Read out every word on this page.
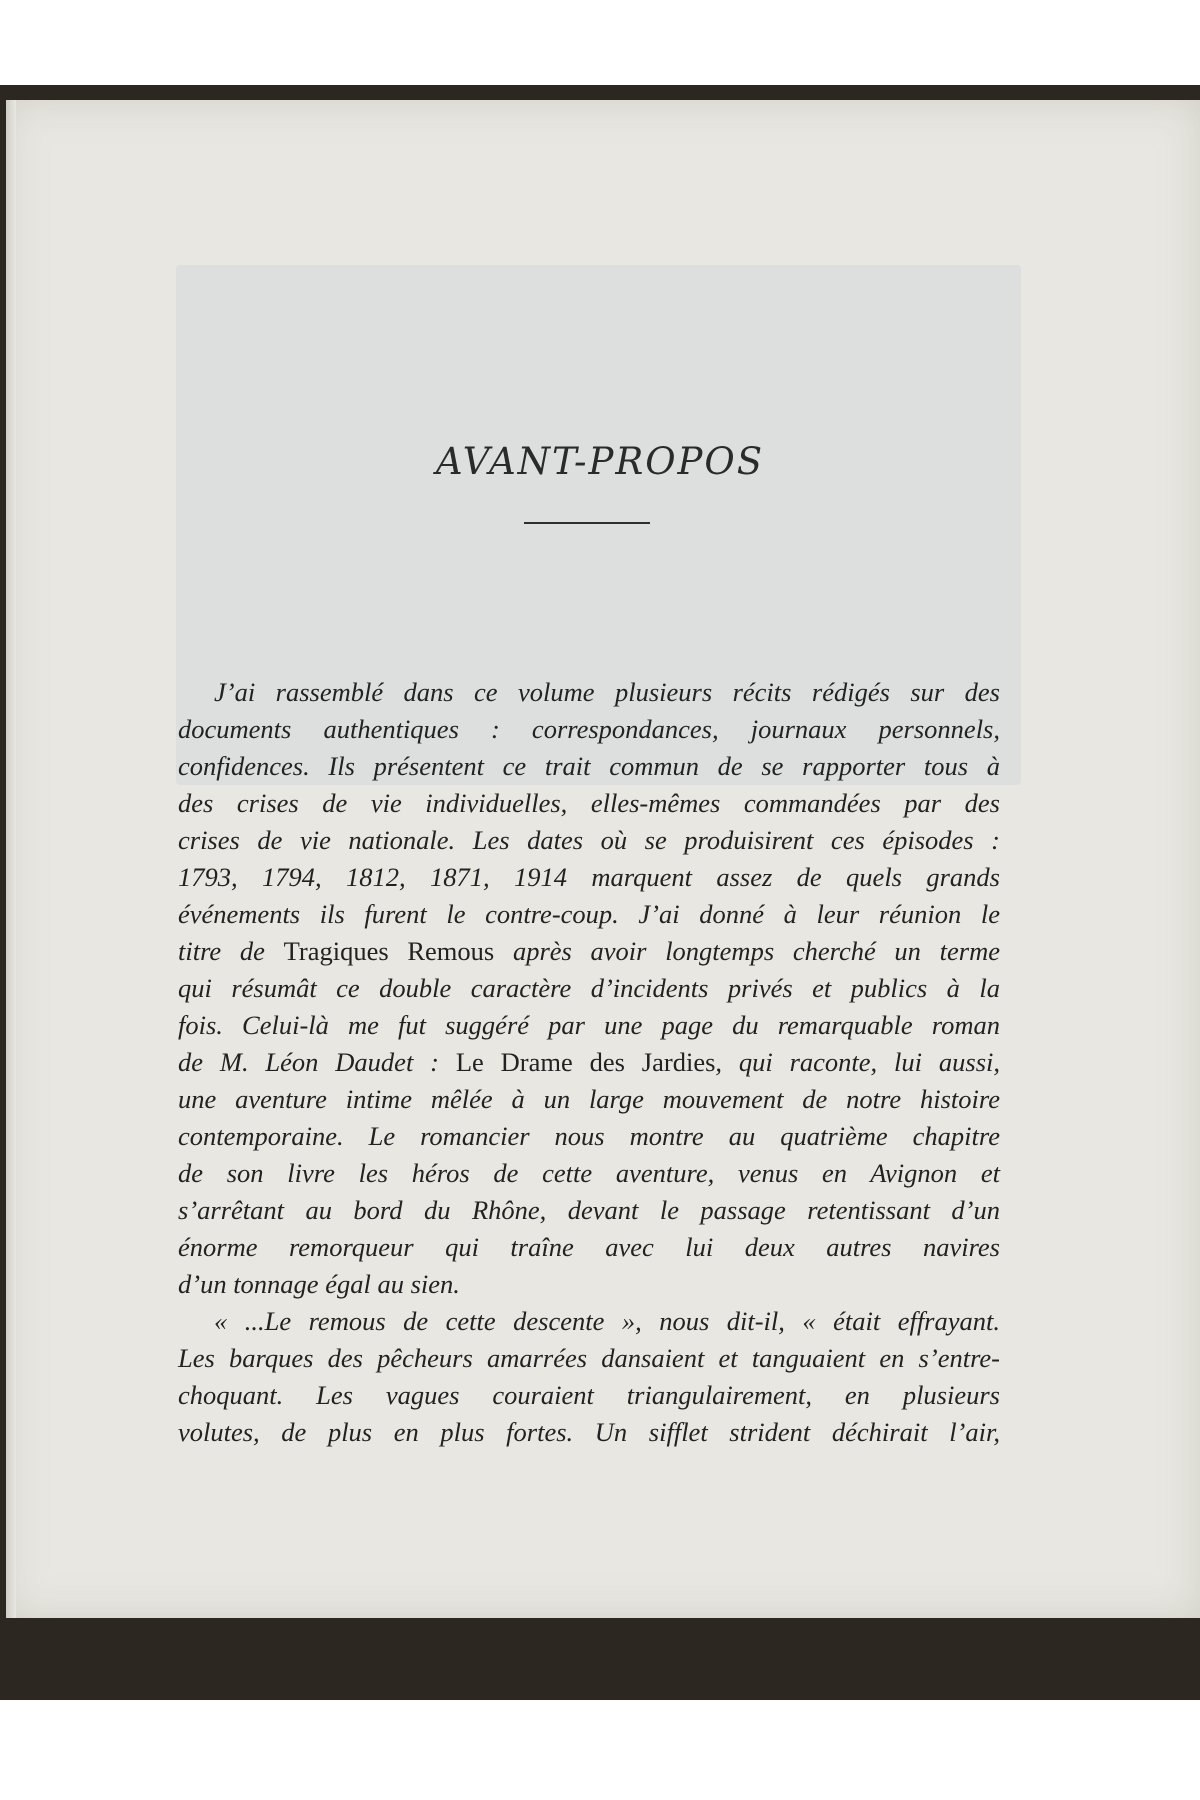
AVANT-PROPOS
J’ai rassemblé dans ce volume plusieurs récits rédigés sur des
documents authentiques : correspondances, journaux personnels,
confidences. Ils présentent ce trait commun de se rapporter tous à
des crises de vie individuelles, elles-mêmes commandées par des
crises de vie nationale. Les dates où se produisirent ces épisodes :
1793, 1794, 1812, 1871, 1914 marquent assez de quels grands
événements ils furent le contre-coup. J’ai donné à leur réunion le
titre de Tragiques Remous après avoir longtemps cherché un terme
qui résumât ce double caractère d’incidents privés et publics à la
fois. Celui-là me fut suggéré par une page du remarquable roman
de M. Léon Daudet : Le Drame des Jardies, qui raconte, lui aussi,
une aventure intime mêlée à un large mouvement de notre histoire
contemporaine. Le romancier nous montre au quatrième chapitre
de son livre les héros de cette aventure, venus en Avignon et
s’arrêtant au bord du Rhône, devant le passage retentissant d’un
énorme remorqueur qui traîne avec lui deux autres navires
d’un tonnage égal au sien.
« ...Le remous de cette descente », nous dit-il, « était effrayant.
Les barques des pêcheurs amarrées dansaient et tanguaient en s’entre-
choquant. Les vagues couraient triangulairement, en plusieurs
volutes, de plus en plus fortes. Un sifflet strident déchirait l’air,
